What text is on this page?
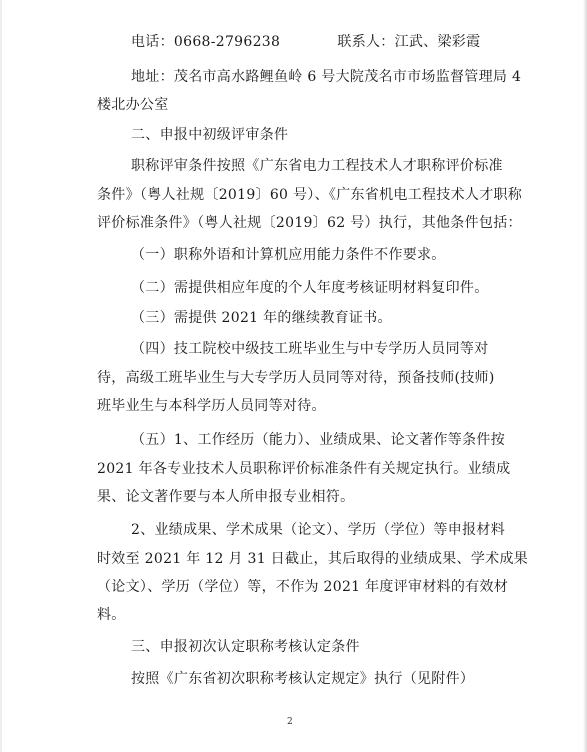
电话：0668-2796238　　　　联系人：江武、梁彩霞
地址：茂名市高水路鲤鱼岭 6 号大院茂名市市场监督管理局 4
楼北办公室
二、申报中初级评审条件
职称评审条件按照《广东省电力工程技术人才职称评价标准
条件》（粤人社规〔2019〕60 号）、《广东省机电工程技术人才职称
评价标准条件》（粤人社规〔2019〕62 号）执行，其他条件包括：
（一）职称外语和计算机应用能力条件不作要求。
（二）需提供相应年度的个人年度考核证明材料复印件。
（三）需提供 2021 年的继续教育证书。
（四）技工院校中级技工班毕业生与中专学历人员同等对
待，高级工班毕业生与大专学历人员同等对待，预备技师(技师)
班毕业生与本科学历人员同等对待。
（五）1、工作经历（能力）、业绩成果、论文著作等条件按
2021 年各专业技术人员职称评价标准条件有关规定执行。业绩成
果、论文著作要与本人所申报专业相符。
2、业绩成果、学术成果（论文）、学历（学位）等申报材料
时效至 2021 年 12 月 31 日截止，其后取得的业绩成果、学术成果
（论文）、学历（学位）等，不作为 2021 年度评审材料的有效材
料。
三、申报初次认定职称考核认定条件
按照《广东省初次职称考核认定规定》执行（见附件）
2
